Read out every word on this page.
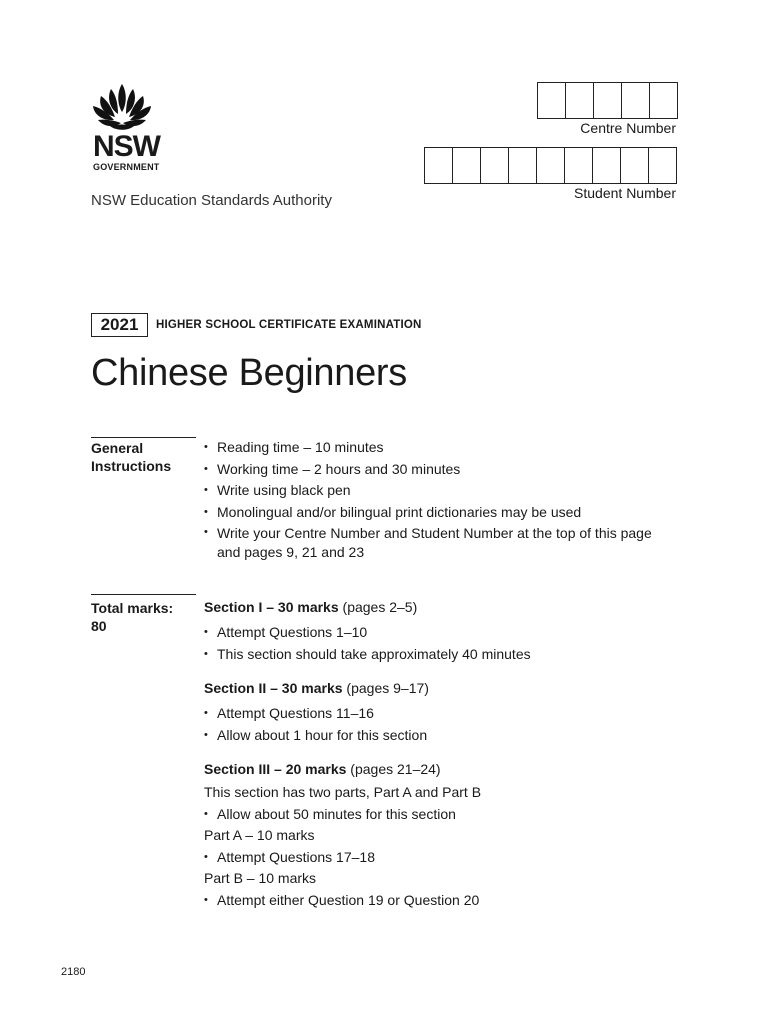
NSW
GOVERNMENT
NSW Education Standards Authority
Centre Number
Student Number
2021	HIGHER SCHOOL CERTIFICATE EXAMINATION
Chinese Beginners
General
Instructions
• Reading time – 10 minutes
• Working time – 2 hours and 30 minutes
• Write using black pen
• Monolingual and/or bilingual print dictionaries may be used
• Write your Centre Number and Student Number at the top of this page and pages 9, 21 and 23
Total marks:
80
Section I – 30 marks (pages 2–5)
• Attempt Questions 1–10
• This section should take approximately 40 minutes
Section II – 30 marks (pages 9–17)
• Attempt Questions 11–16
• Allow about 1 hour for this section
Section III – 20 marks (pages 21–24)
This section has two parts, Part A and Part B
• Allow about 50 minutes for this section
Part A – 10 marks
• Attempt Questions 17–18
Part B – 10 marks
• Attempt either Question 19 or Question 20
2180
